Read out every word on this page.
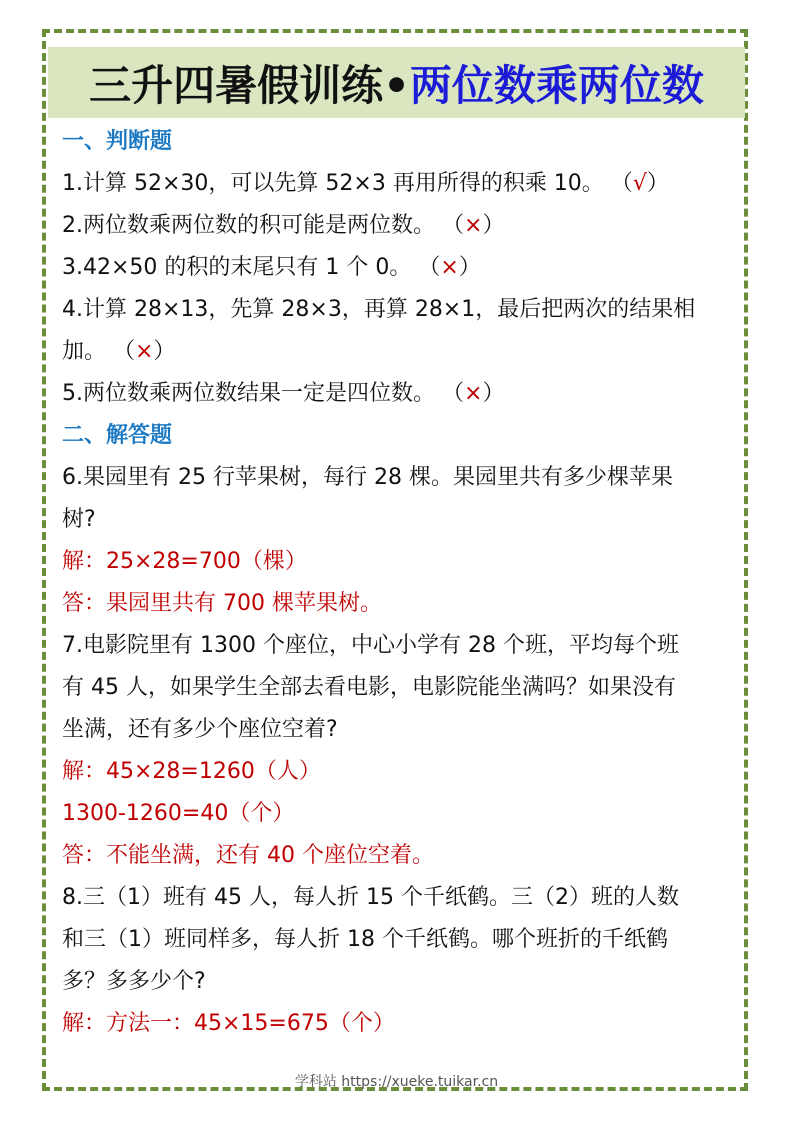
三升四暑假训练• 两位数乘两位数
一、判断题
1.计算 52×30，可以先算 52×3 再用所得的积乘 10。 （√）
2.两位数乘两位数的积可能是两位数。 （×）
3.42×50 的积的末尾只有 1 个 0。 （×）
4.计算 28×13，先算 28×3，再算 28×1，最后把两次的结果相
加。 （×）
5.两位数乘两位数结果一定是四位数。 （×）
二、解答题
6.果园里有 25 行苹果树，每行 28 棵。果园里共有多少棵苹果
树?
解：25×28=700（棵）
答：果园里共有 700 棵苹果树。
7.电影院里有 1300 个座位，中心小学有 28 个班，平均每个班
有 45 人，如果学生全部去看电影，电影院能坐满吗？如果没有
坐满，还有多少个座位空着?
解：45×28=1260（人）
1300-1260=40（个）
答：不能坐满，还有 40 个座位空着。
8.三（1）班有 45 人，每人折 15 个千纸鹤。三（2）班的人数
和三（1）班同样多，每人折 18 个千纸鹤。哪个班折的千纸鹤
多？多多少个?
解：方法一：45×15=675（个）
学科站 https://xueke.tuikar.cn
